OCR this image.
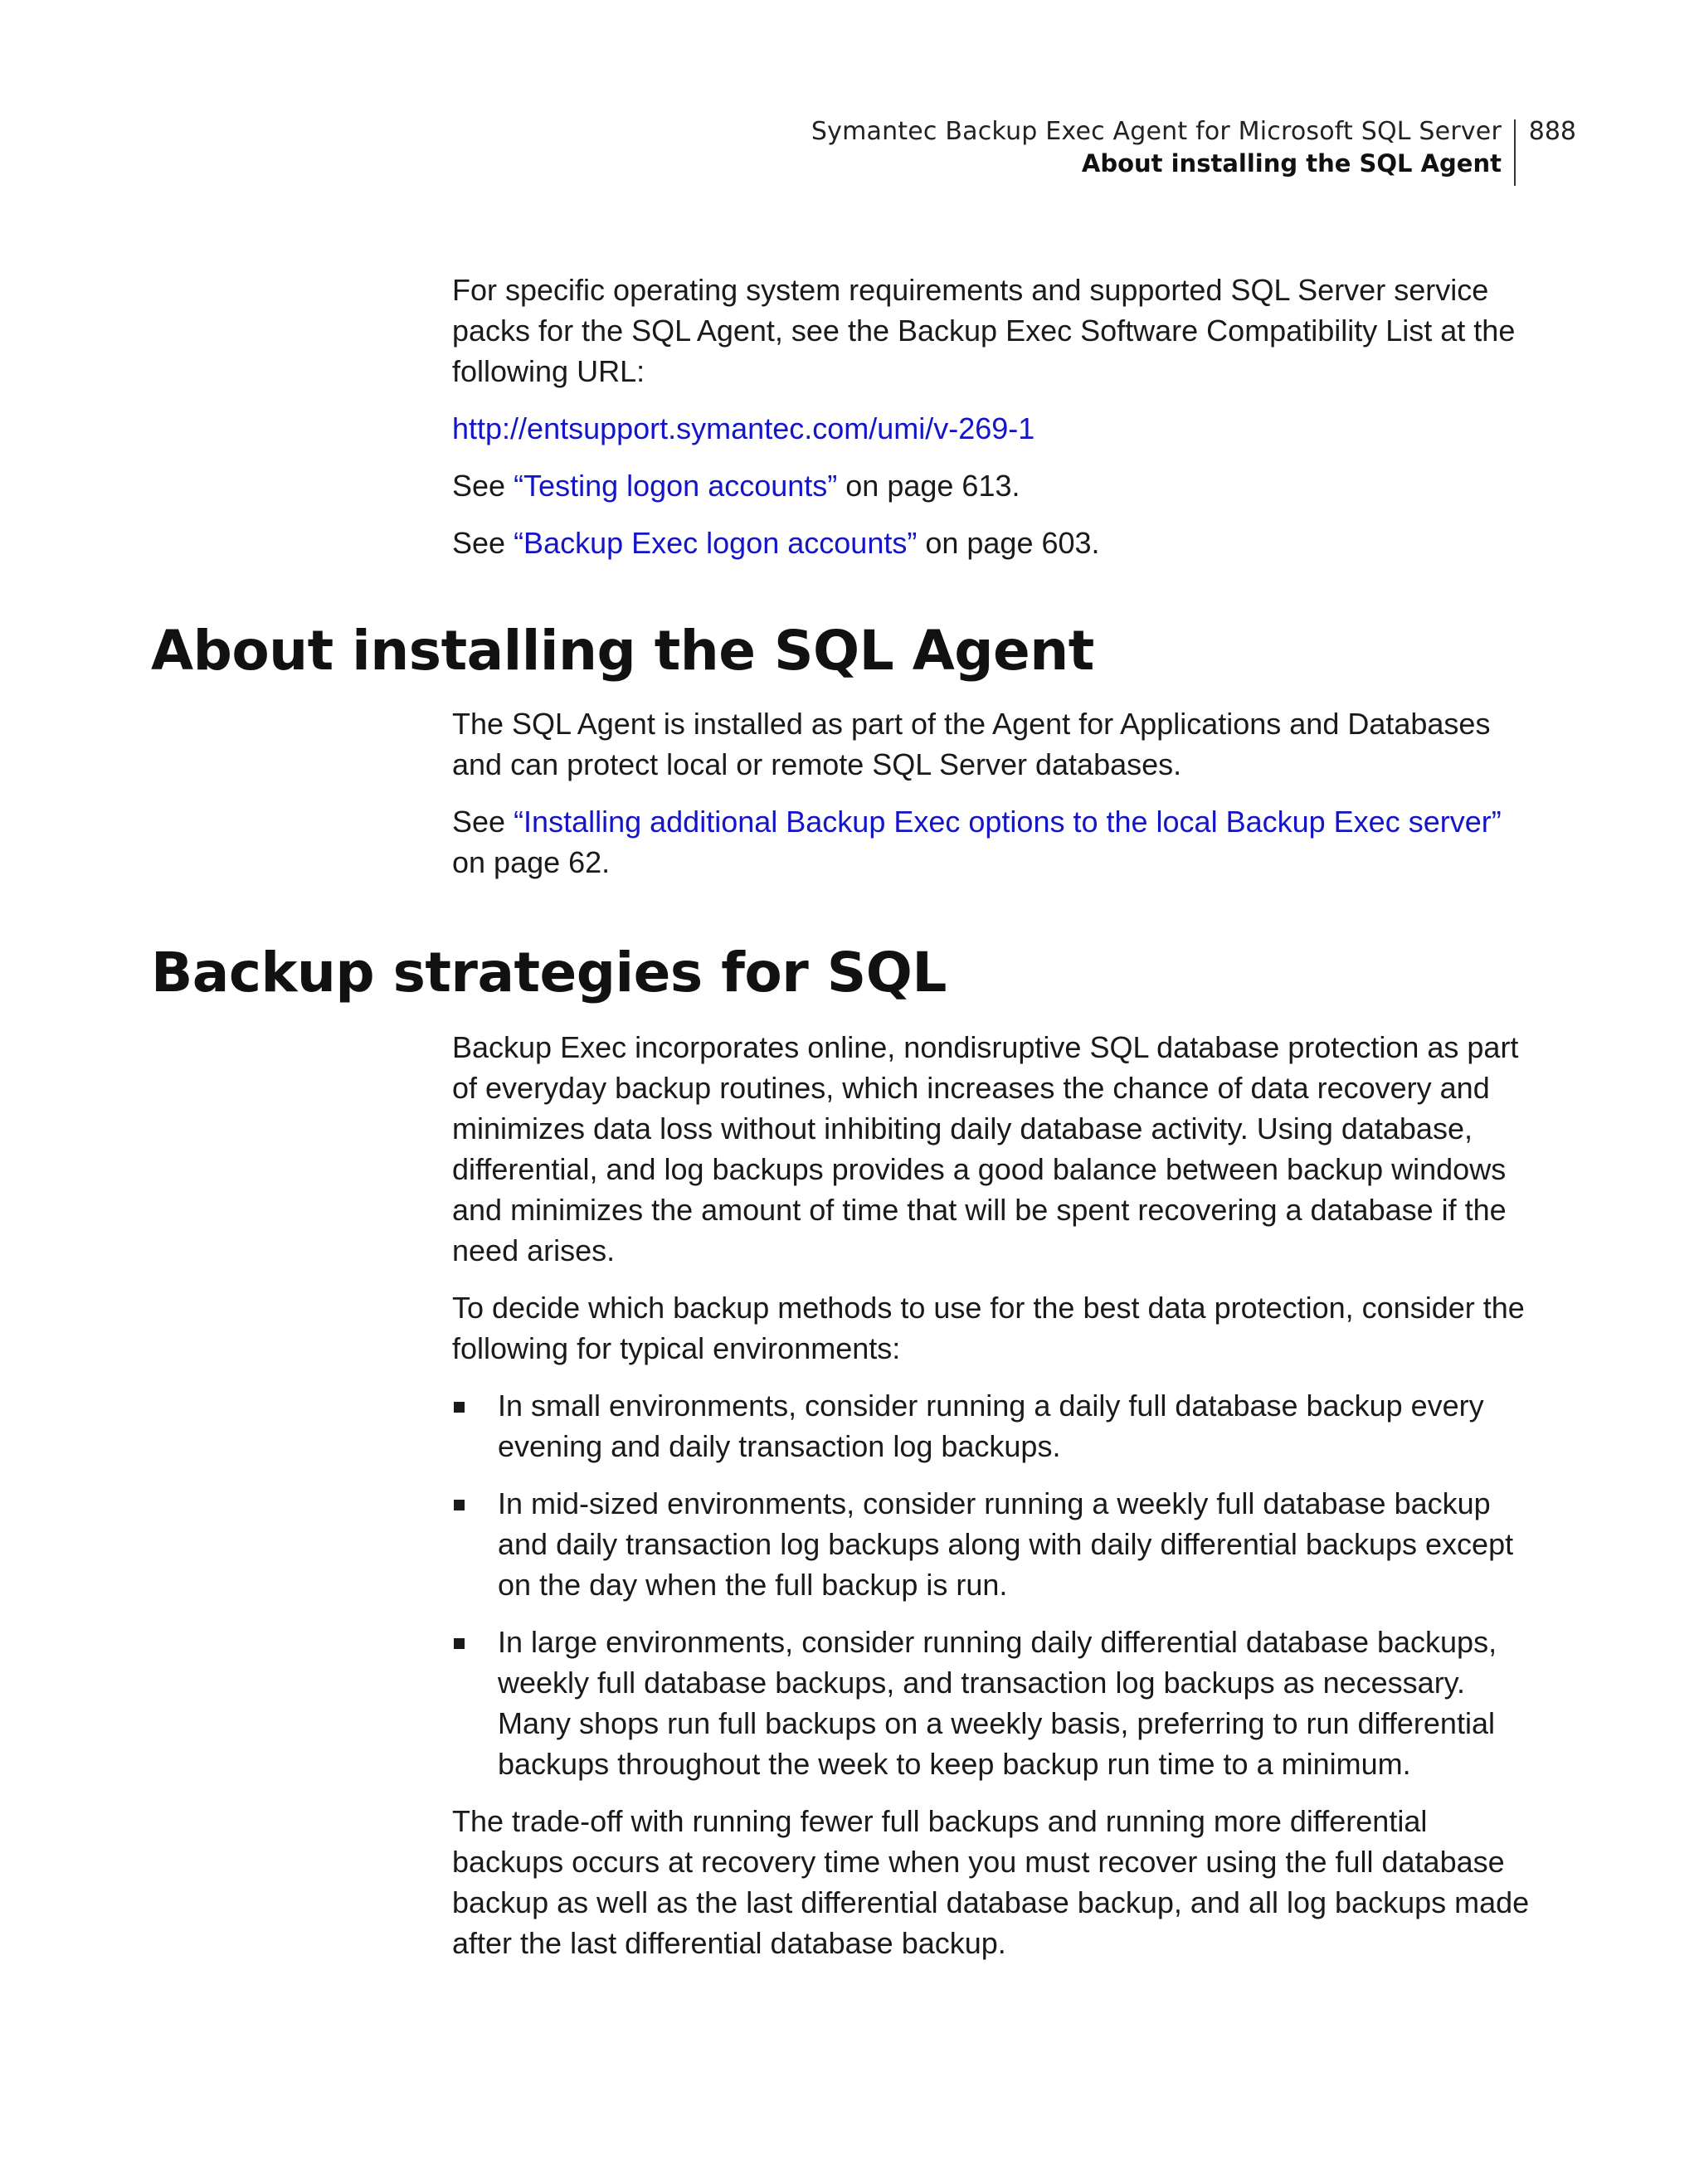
Symantec Backup Exec Agent for Microsoft SQL Server
About installing the SQL Agent
888

For specific operating system requirements and supported SQL Server service packs for the SQL Agent, see the Backup Exec Software Compatibility List at the following URL:

http://entsupport.symantec.com/umi/v-269-1

See “Testing logon accounts” on page 613.

See “Backup Exec logon accounts” on page 603.

About installing the SQL Agent

The SQL Agent is installed as part of the Agent for Applications and Databases and can protect local or remote SQL Server databases.

See “Installing additional Backup Exec options to the local Backup Exec server” on page 62.

Backup strategies for SQL

Backup Exec incorporates online, nondisruptive SQL database protection as part of everyday backup routines, which increases the chance of data recovery and minimizes data loss without inhibiting daily database activity. Using database, differential, and log backups provides a good balance between backup windows and minimizes the amount of time that will be spent recovering a database if the need arises.

To decide which backup methods to use for the best data protection, consider the following for typical environments:

In small environments, consider running a daily full database backup every evening and daily transaction log backups.
In mid-sized environments, consider running a weekly full database backup and daily transaction log backups along with daily differential backups except on the day when the full backup is run.
In large environments, consider running daily differential database backups, weekly full database backups, and transaction log backups as necessary. Many shops run full backups on a weekly basis, preferring to run differential backups throughout the week to keep backup run time to a minimum.

The trade-off with running fewer full backups and running more differential backups occurs at recovery time when you must recover using the full database backup as well as the last differential database backup, and all log backups made after the last differential database backup.
